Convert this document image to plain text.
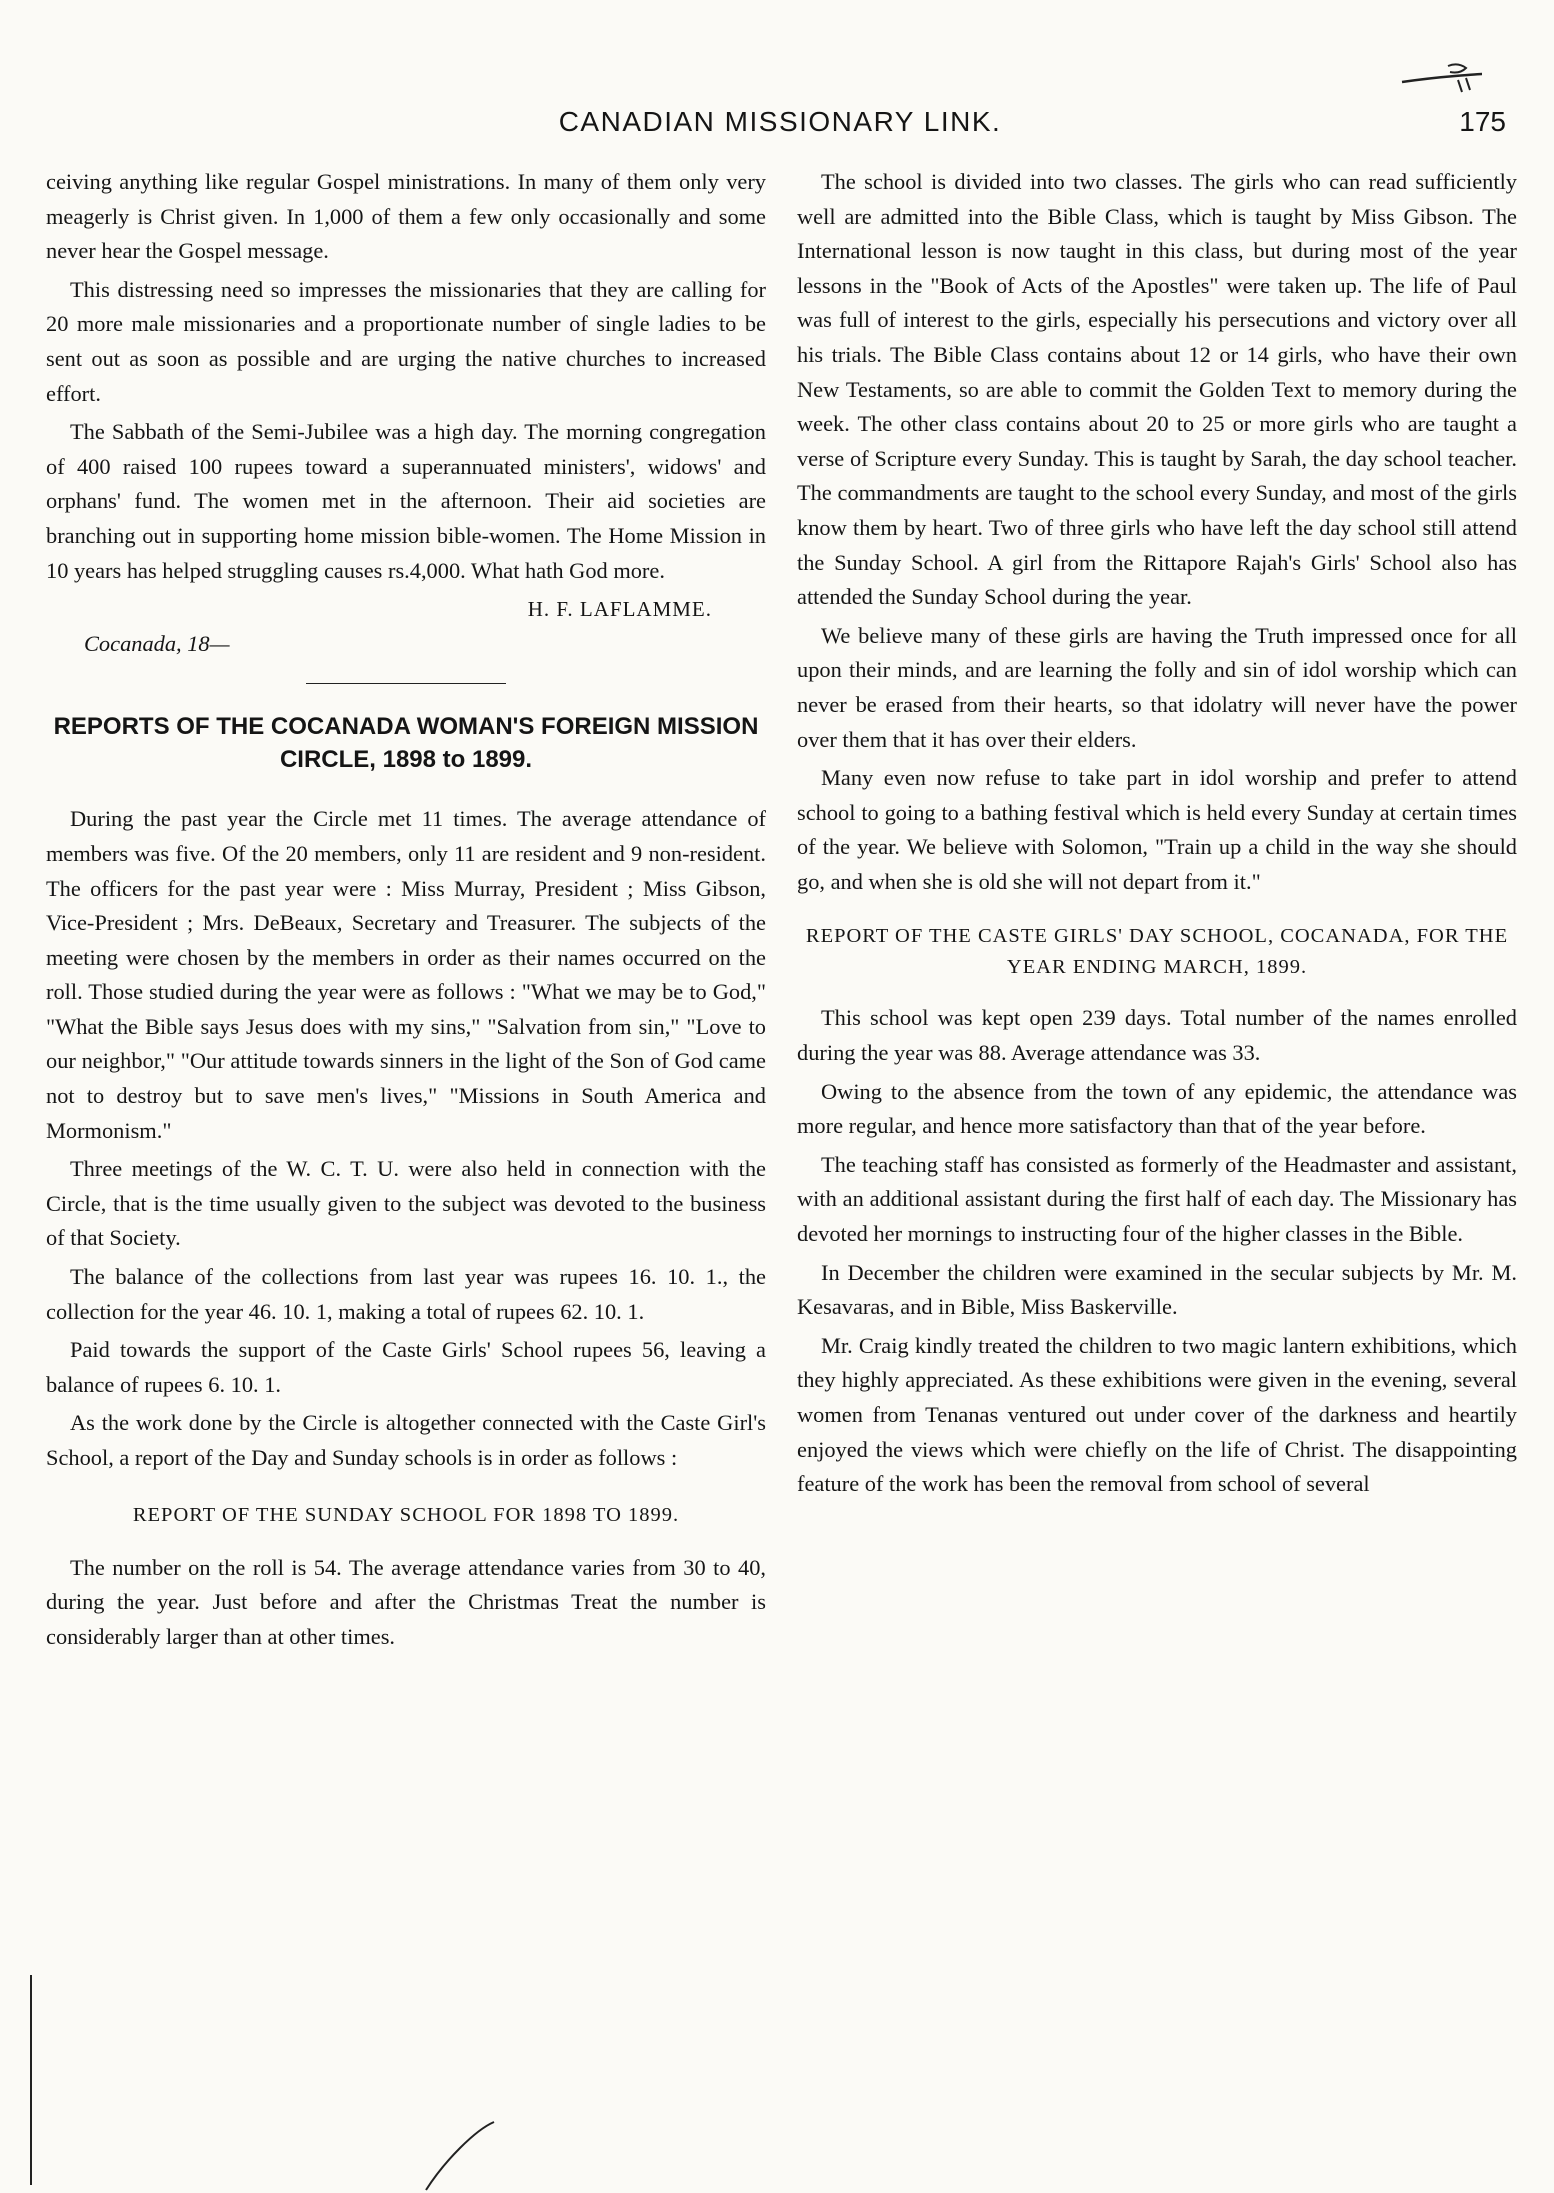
CANADIAN MISSIONARY LINK.	175

ceiving anything like regular Gospel ministrations. In many of them only very meagerly is Christ given. In 1,000 of them a few only occasionally and some never hear the Gospel message.

This distressing need so impresses the missionaries that they are calling for 20 more male missionaries and a proportionate number of single ladies to be sent out as soon as possible and are urging the native churches to increased effort.

The Sabbath of the Semi-Jubilee was a high day. The morning congregation of 400 raised 100 rupees toward a superannuated ministers', widows' and orphans' fund. The women met in the afternoon. Their aid societies are branching out in supporting home mission bible-women. The Home Mission in 10 years has helped struggling causes rs.4,000. What hath God more.

H. F. LAFLAMME.
Cocanada, 18—
REPORTS OF THE COCANADA WOMAN'S FOREIGN MISSION CIRCLE, 1898 to 1899.

During the past year the Circle met 11 times. The average attendance of members was five. Of the 20 members, only 11 are resident and 9 non-resident. The officers for the past year were : Miss Murray, President ; Miss Gibson, Vice-President ; Mrs. DeBeaux, Secretary and Treasurer. The subjects of the meeting were chosen by the members in order as their names occurred on the roll. Those studied during the year were as follows : "What we may be to God," "What the Bible says Jesus does with my sins," "Salvation from sin," "Love to our neighbor," "Our attitude towards sinners in the light of the Son of God came not to destroy but to save men's lives," "Missions in South America and Mormonism."

Three meetings of the W. C. T. U. were also held in connection with the Circle, that is the time usually given to the subject was devoted to the business of that Society.

The balance of the collections from last year was rupees 16. 10. 1., the collection for the year 46. 10. 1, making a total of rupees 62. 10. 1.

Paid towards the support of the Caste Girls' School rupees 56, leaving a balance of rupees 6. 10. 1.

As the work done by the Circle is altogether connected with the Caste Girl's School, a report of the Day and Sunday schools is in order as follows :

REPORT OF THE SUNDAY SCHOOL FOR 1898 TO 1899.

The number on the roll is 54. The average attendance varies from 30 to 40, during the year. Just before and after the Christmas Treat the number is considerably larger than at other times.

The school is divided into two classes. The girls who can read sufficiently well are admitted into the Bible Class, which is taught by Miss Gibson. The International lesson is now taught in this class, but during most of the year lessons in the "Book of Acts of the Apostles" were taken up. The life of Paul was full of interest to the girls, especially his persecutions and victory over all his trials. The Bible Class contains about 12 or 14 girls, who have their own New Testaments, so are able to commit the Golden Text to memory during the week. The other class contains about 20 to 25 or more girls who are taught a verse of Scripture every Sunday. This is taught by Sarah, the day school teacher. The commandments are taught to the school every Sunday, and most of the girls know them by heart. Two of three girls who have left the day school still attend the Sunday School. A girl from the Rittapore Rajah's Girls' School also has attended the Sunday School during the year.

We believe many of these girls are having the Truth impressed once for all upon their minds, and are learning the folly and sin of idol worship which can never be erased from their hearts, so that idolatry will never have the power over them that it has over their elders.

Many even now refuse to take part in idol worship and prefer to attend school to going to a bathing festival which is held every Sunday at certain times of the year. We believe with Solomon, "Train up a child in the way she should go, and when she is old she will not depart from it."

REPORT OF THE CASTE GIRLS' DAY SCHOOL, COCANADA, FOR THE YEAR ENDING MARCH, 1899.

This school was kept open 239 days. Total number of the names enrolled during the year was 88. Average attendance was 33.

Owing to the absence from the town of any epidemic, the attendance was more regular, and hence more satisfactory than that of the year before.

The teaching staff has consisted as formerly of the Headmaster and assistant, with an additional assistant during the first half of each day. The Missionary has devoted her mornings to instructing four of the higher classes in the Bible.

In December the children were examined in the secular subjects by Mr. M. Kesavaras, and in Bible, Miss Baskerville.

Mr. Craig kindly treated the children to two magic lantern exhibitions, which they highly appreciated. As these exhibitions were given in the evening, several women from Tenanas ventured out under cover of the darkness and heartily enjoyed the views which were chiefly on the life of Christ. The disappointing feature of the work has been the removal from school of several
